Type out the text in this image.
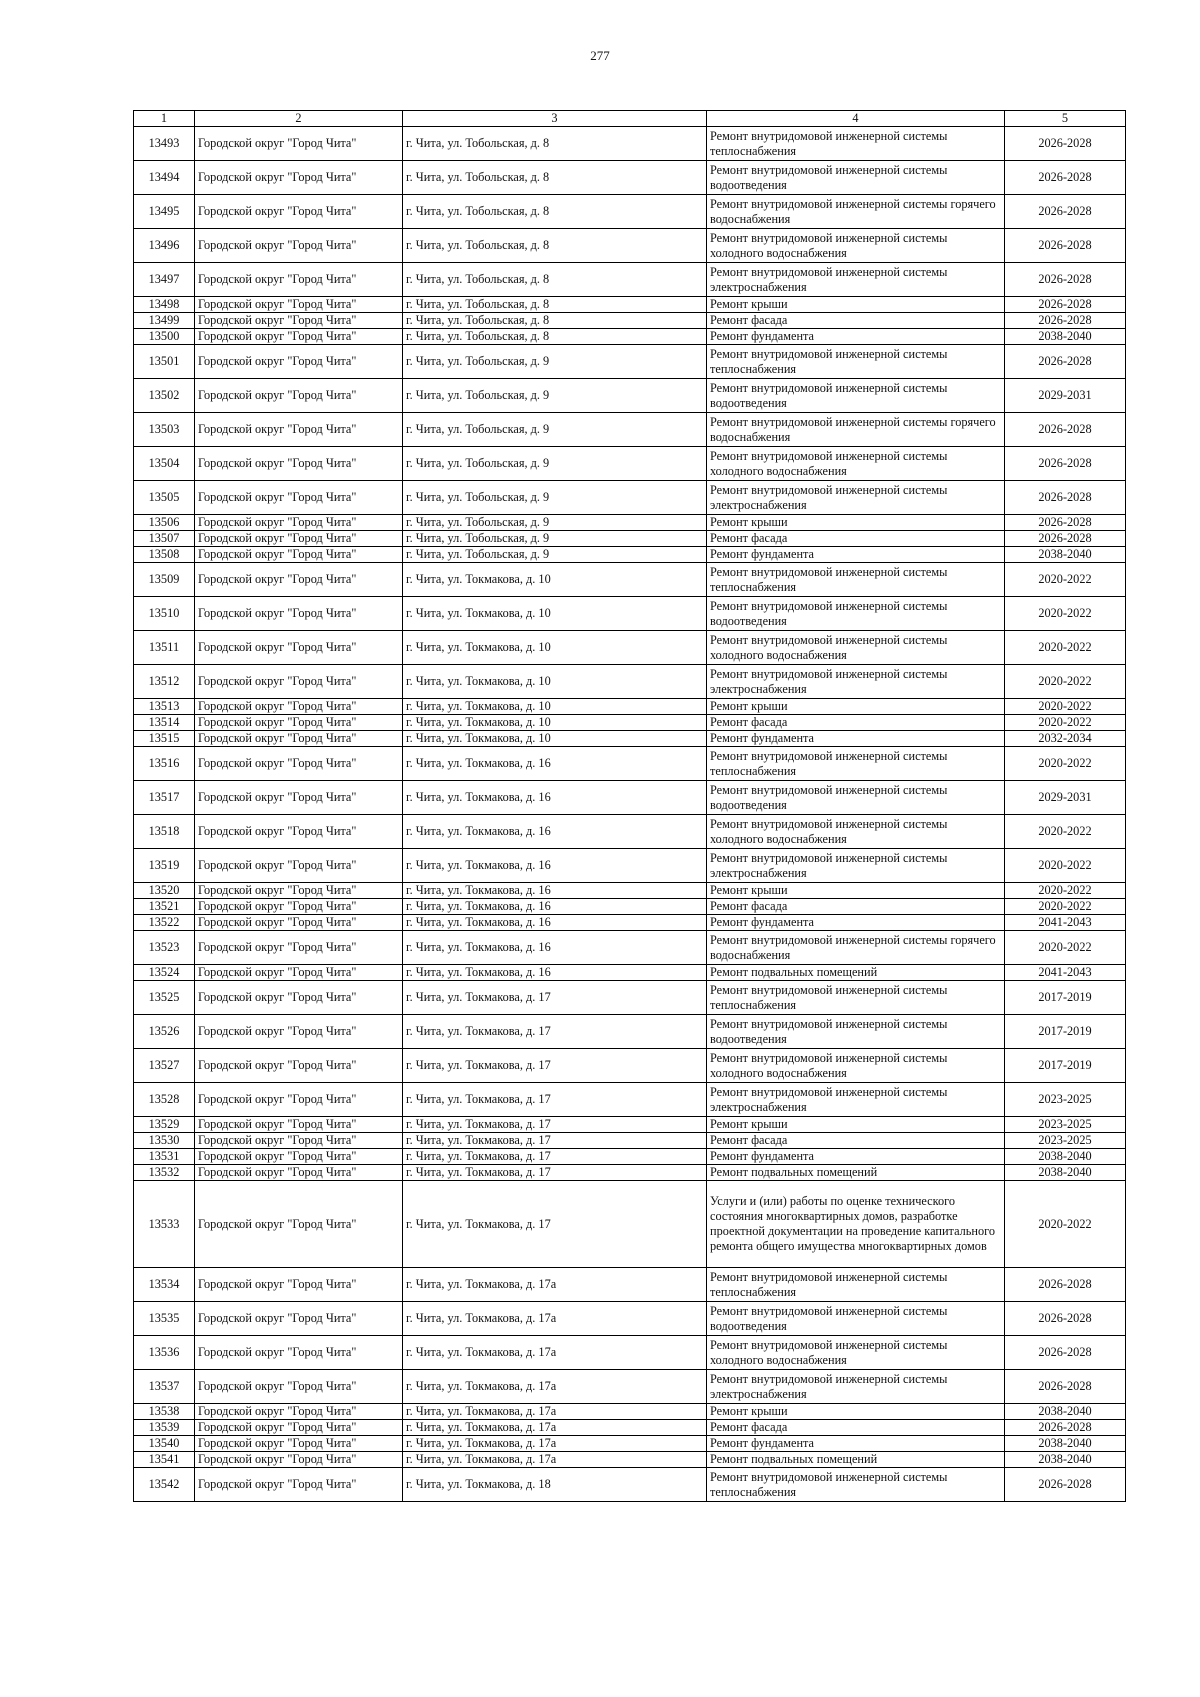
277
1	2	3	4	5
13493	Городской округ "Город Чита"	г. Чита, ул. Тобольская, д. 8	Ремонт внутридомовой инженерной системы теплоснабжения	2026-2028
13494	Городской округ "Город Чита"	г. Чита, ул. Тобольская, д. 8	Ремонт внутридомовой инженерной системы водоотведения	2026-2028
13495	Городской округ "Город Чита"	г. Чита, ул. Тобольская, д. 8	Ремонт внутридомовой инженерной системы горячего водоснабжения	2026-2028
13496	Городской округ "Город Чита"	г. Чита, ул. Тобольская, д. 8	Ремонт внутридомовой инженерной системы холодного водоснабжения	2026-2028
13497	Городской округ "Город Чита"	г. Чита, ул. Тобольская, д. 8	Ремонт внутридомовой инженерной системы электроснабжения	2026-2028
13498	Городской округ "Город Чита"	г. Чита, ул. Тобольская, д. 8	Ремонт крыши	2026-2028
13499	Городской округ "Город Чита"	г. Чита, ул. Тобольская, д. 8	Ремонт фасада	2026-2028
13500	Городской округ "Город Чита"	г. Чита, ул. Тобольская, д. 8	Ремонт фундамента	2038-2040
13501	Городской округ "Город Чита"	г. Чита, ул. Тобольская, д. 9	Ремонт внутридомовой инженерной системы теплоснабжения	2026-2028
13502	Городской округ "Город Чита"	г. Чита, ул. Тобольская, д. 9	Ремонт внутридомовой инженерной системы водоотведения	2029-2031
13503	Городской округ "Город Чита"	г. Чита, ул. Тобольская, д. 9	Ремонт внутридомовой инженерной системы горячего водоснабжения	2026-2028
13504	Городской округ "Город Чита"	г. Чита, ул. Тобольская, д. 9	Ремонт внутридомовой инженерной системы холодного водоснабжения	2026-2028
13505	Городской округ "Город Чита"	г. Чита, ул. Тобольская, д. 9	Ремонт внутридомовой инженерной системы электроснабжения	2026-2028
13506	Городской округ "Город Чита"	г. Чита, ул. Тобольская, д. 9	Ремонт крыши	2026-2028
13507	Городской округ "Город Чита"	г. Чита, ул. Тобольская, д. 9	Ремонт фасада	2026-2028
13508	Городской округ "Город Чита"	г. Чита, ул. Тобольская, д. 9	Ремонт фундамента	2038-2040
13509	Городской округ "Город Чита"	г. Чита, ул. Токмакова, д. 10	Ремонт внутридомовой инженерной системы теплоснабжения	2020-2022
13510	Городской округ "Город Чита"	г. Чита, ул. Токмакова, д. 10	Ремонт внутридомовой инженерной системы водоотведения	2020-2022
13511	Городской округ "Город Чита"	г. Чита, ул. Токмакова, д. 10	Ремонт внутридомовой инженерной системы холодного водоснабжения	2020-2022
13512	Городской округ "Город Чита"	г. Чита, ул. Токмакова, д. 10	Ремонт внутридомовой инженерной системы электроснабжения	2020-2022
13513	Городской округ "Город Чита"	г. Чита, ул. Токмакова, д. 10	Ремонт крыши	2020-2022
13514	Городской округ "Город Чита"	г. Чита, ул. Токмакова, д. 10	Ремонт фасада	2020-2022
13515	Городской округ "Город Чита"	г. Чита, ул. Токмакова, д. 10	Ремонт фундамента	2032-2034
13516	Городской округ "Город Чита"	г. Чита, ул. Токмакова, д. 16	Ремонт внутридомовой инженерной системы теплоснабжения	2020-2022
13517	Городской округ "Город Чита"	г. Чита, ул. Токмакова, д. 16	Ремонт внутридомовой инженерной системы водоотведения	2029-2031
13518	Городской округ "Город Чита"	г. Чита, ул. Токмакова, д. 16	Ремонт внутридомовой инженерной системы холодного водоснабжения	2020-2022
13519	Городской округ "Город Чита"	г. Чита, ул. Токмакова, д. 16	Ремонт внутридомовой инженерной системы электроснабжения	2020-2022
13520	Городской округ "Город Чита"	г. Чита, ул. Токмакова, д. 16	Ремонт крыши	2020-2022
13521	Городской округ "Город Чита"	г. Чита, ул. Токмакова, д. 16	Ремонт фасада	2020-2022
13522	Городской округ "Город Чита"	г. Чита, ул. Токмакова, д. 16	Ремонт фундамента	2041-2043
13523	Городской округ "Город Чита"	г. Чита, ул. Токмакова, д. 16	Ремонт внутридомовой инженерной системы горячего водоснабжения	2020-2022
13524	Городской округ "Город Чита"	г. Чита, ул. Токмакова, д. 16	Ремонт подвальных помещений	2041-2043
13525	Городской округ "Город Чита"	г. Чита, ул. Токмакова, д. 17	Ремонт внутридомовой инженерной системы теплоснабжения	2017-2019
13526	Городской округ "Город Чита"	г. Чита, ул. Токмакова, д. 17	Ремонт внутридомовой инженерной системы водоотведения	2017-2019
13527	Городской округ "Город Чита"	г. Чита, ул. Токмакова, д. 17	Ремонт внутридомовой инженерной системы холодного водоснабжения	2017-2019
13528	Городской округ "Город Чита"	г. Чита, ул. Токмакова, д. 17	Ремонт внутридомовой инженерной системы электроснабжения	2023-2025
13529	Городской округ "Город Чита"	г. Чита, ул. Токмакова, д. 17	Ремонт крыши	2023-2025
13530	Городской округ "Город Чита"	г. Чита, ул. Токмакова, д. 17	Ремонт фасада	2023-2025
13531	Городской округ "Город Чита"	г. Чита, ул. Токмакова, д. 17	Ремонт фундамента	2038-2040
13532	Городской округ "Город Чита"	г. Чита, ул. Токмакова, д. 17	Ремонт подвальных помещений	2038-2040
13533	Городской округ "Город Чита"	г. Чита, ул. Токмакова, д. 17	Услуги и (или) работы по оценке технического состояния многоквартирных домов, разработке проектной документации на проведение капитального ремонта общего имущества многоквартирных домов	2020-2022
13534	Городской округ "Город Чита"	г. Чита, ул. Токмакова, д. 17а	Ремонт внутридомовой инженерной системы теплоснабжения	2026-2028
13535	Городской округ "Город Чита"	г. Чита, ул. Токмакова, д. 17а	Ремонт внутридомовой инженерной системы водоотведения	2026-2028
13536	Городской округ "Город Чита"	г. Чита, ул. Токмакова, д. 17а	Ремонт внутридомовой инженерной системы холодного водоснабжения	2026-2028
13537	Городской округ "Город Чита"	г. Чита, ул. Токмакова, д. 17а	Ремонт внутридомовой инженерной системы электроснабжения	2026-2028
13538	Городской округ "Город Чита"	г. Чита, ул. Токмакова, д. 17а	Ремонт крыши	2038-2040
13539	Городской округ "Город Чита"	г. Чита, ул. Токмакова, д. 17а	Ремонт фасада	2026-2028
13540	Городской округ "Город Чита"	г. Чита, ул. Токмакова, д. 17а	Ремонт фундамента	2038-2040
13541	Городской округ "Город Чита"	г. Чита, ул. Токмакова, д. 17а	Ремонт подвальных помещений	2038-2040
13542	Городской округ "Город Чита"	г. Чита, ул. Токмакова, д. 18	Ремонт внутридомовой инженерной системы теплоснабжения	2026-2028
